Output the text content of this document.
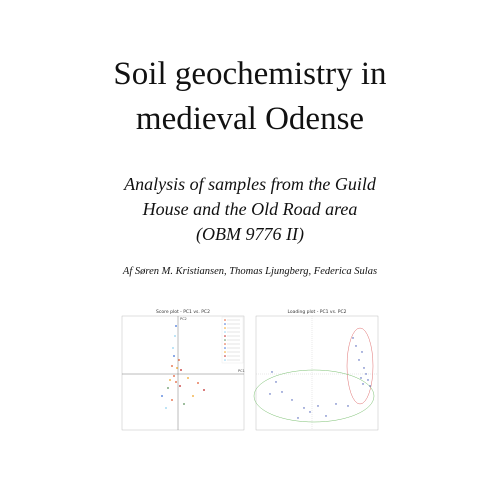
Soil geochemistry in
medieval Odense
Analysis of samples from the Guild
House and the Old Road area
(OBM 9776 II)
Af Søren M. Kristiansen, Thomas Ljungberg, Federica Sulas
Score plot - PC1 vs. PC2
PC1
PC2
Loading plot - PC1 vs. PC2
